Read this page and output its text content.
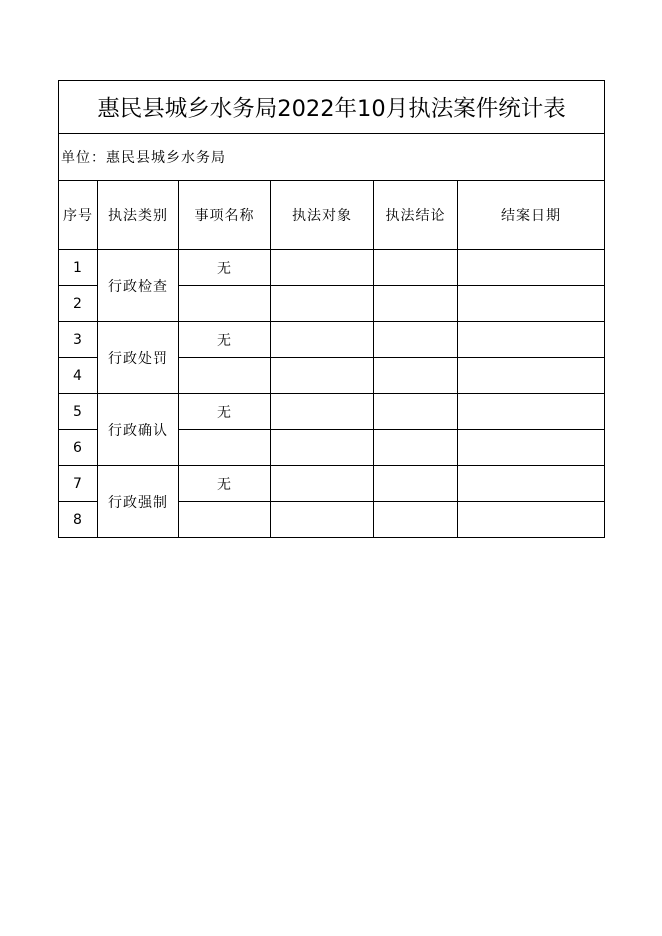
惠民县城乡水务局2022年10月执法案件统计表					
单位：惠民县城乡水务局					
序号	执法类别	事项名称	执法对象	执法结论	结案日期
1	行政检查	无			
2					
3	行政处罚	无			
4					
5	行政确认	无			
6					
7	行政强制	无			
8					
